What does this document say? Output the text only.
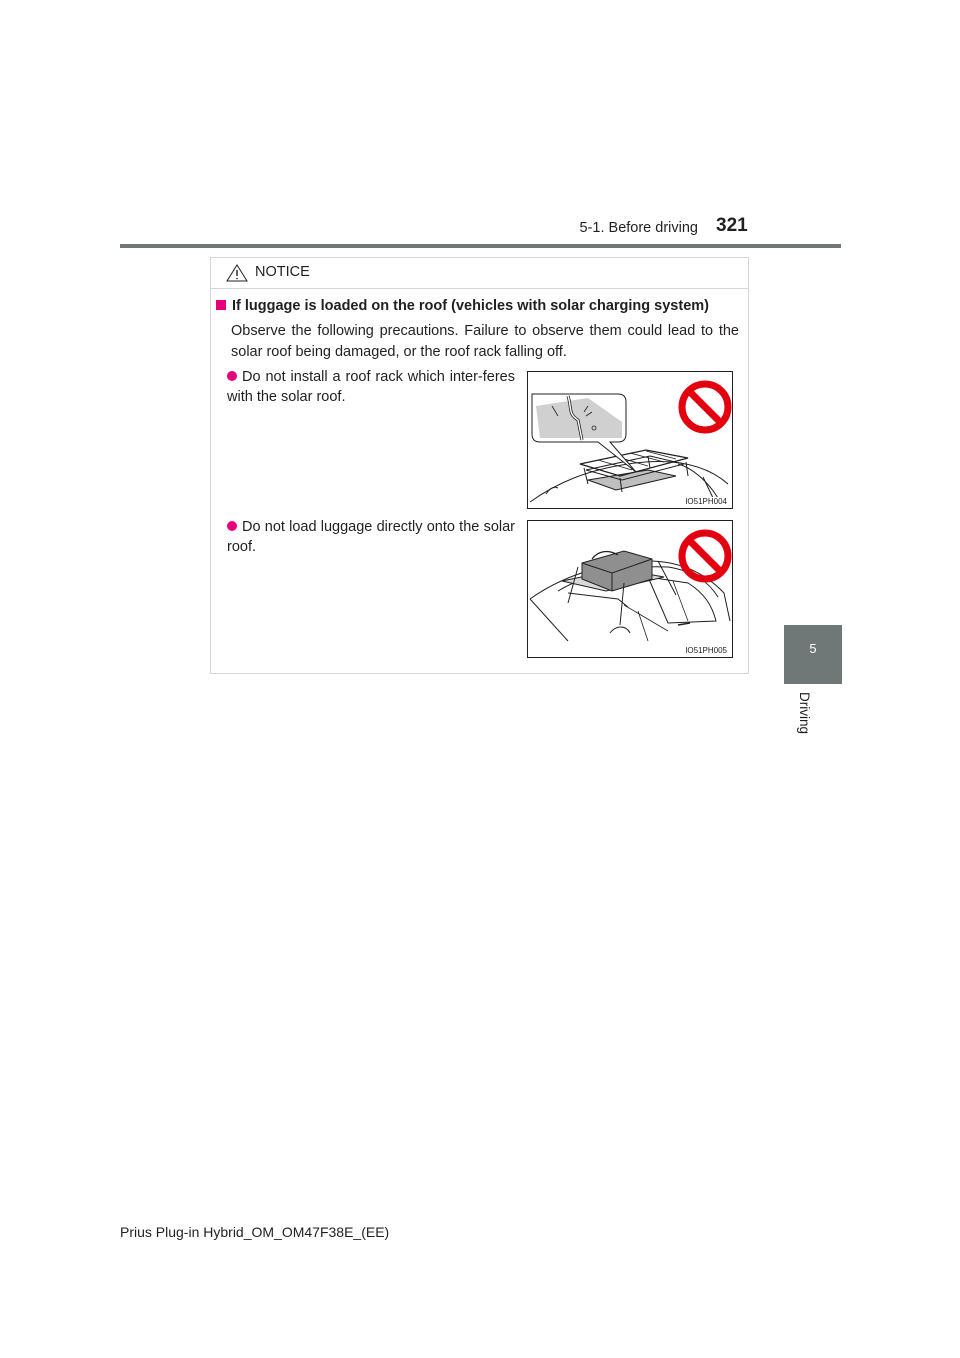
5-1. Before driving 321
5
Driving
NOTICE
If luggage is loaded on the roof (vehicles with solar charging system)
Observe the following precautions. Failure to observe them could lead to the solar roof being damaged, or the roof rack falling off.
Do not install a roof rack which inter-feres with the solar roof.
IO51PH004
Do not load luggage directly onto the solar roof.
IO51PH005
Prius Plug-in Hybrid_OM_OM47F38E_(EE)
carmanualsonline.info
